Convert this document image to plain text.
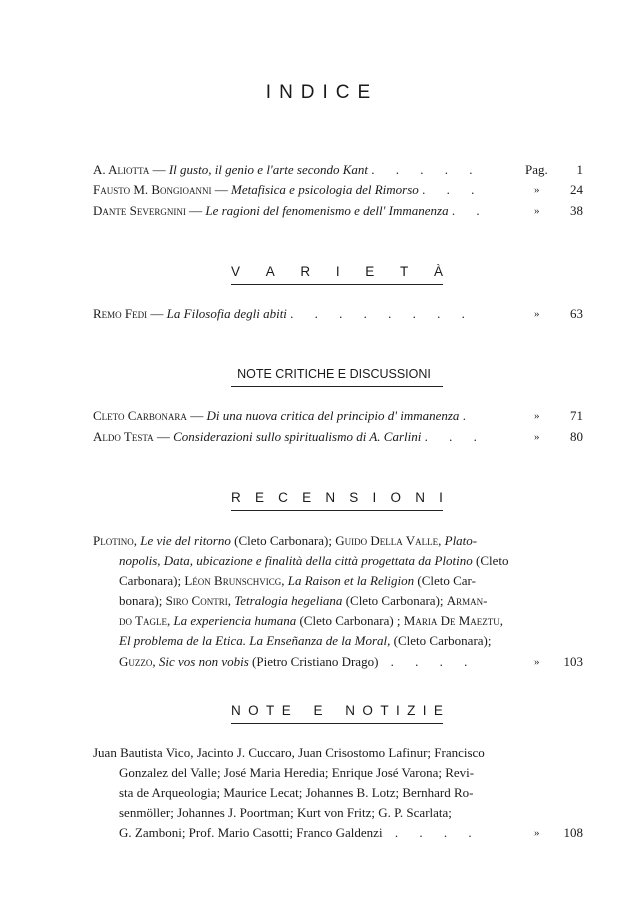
INDICE
A. Aliotta — Il gusto, il genio e l'arte secondo Kant . . . . .	Pag.	1
Fausto M. Bongioanni — Metafisica e psicologia del Rimorso . . .	»	24
Dante Severgnini — Le ragioni del fenomenismo e dell' Immanenza . .	»	38
V A R I E T À
Remo Fedi — La Filosofia degli abiti . . . . . . . .	»	63
NOTE CRITICHE E DISCUSSIONI
Cleto Carbonara — Di una nuova critica del principio d' immanenza .	»	71
Aldo Testa — Considerazioni sullo spiritualismo di A. Carlini . . .	»	80
R E C E N S I O N I
Plotino, Le vie del ritorno (Cleto Carbonara); Guido Della Valle, Plato-
nopolis, Data, ubicazione e finalità della città progettata da Plotino (Cleto
Carbonara); Léon Brunschvicg, La Raison et la Religion (Cleto Car-
bonara); Siro Contri, Tetralogia hegeliana (Cleto Carbonara); Arman-
do Tagle, La experiencia humana (Cleto Carbonara) ; Maria De Maeztu,
El problema de la Etica. La Enseñanza de la Moral, (Cleto Carbonara);
Guzzo, Sic vos non vobis (Pietro Cristiano Drago) . . . .	»	103
N O T E E N O T I Z I E
Juan Bautista Vico, Jacinto J. Cuccaro, Juan Crisostomo Lafinur; Francisco
Gonzalez del Valle; José Maria Heredia; Enrique José Varona; Revi-
sta de Arqueologia; Maurice Lecat; Johannes B. Lotz; Bernhard Ro-
senmöller; Johannes J. Poortman; Kurt von Fritz; G. P. Scarlata;
G. Zamboni; Prof. Mario Casotti; Franco Galdenzi . . . .	»	108
